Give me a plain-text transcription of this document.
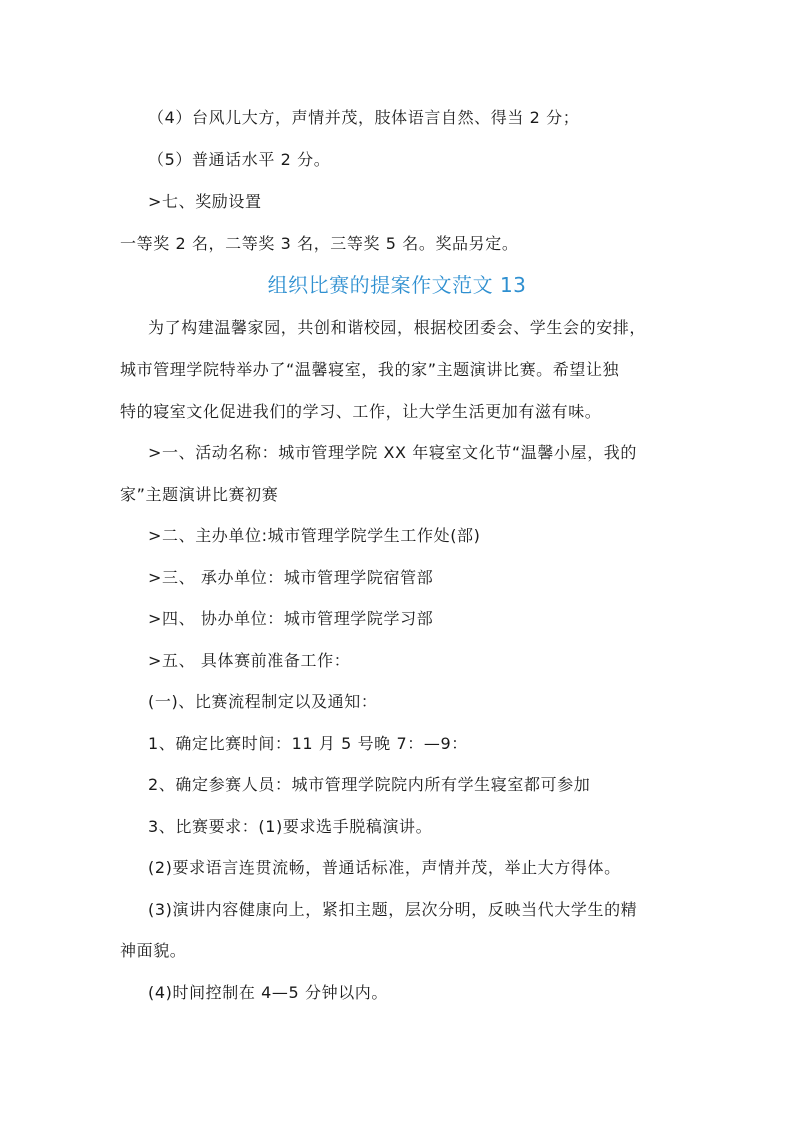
（4）台风儿大方，声情并茂，肢体语言自然、得当 2 分；
（5）普通话水平 2 分。
>七、奖励设置
一等奖 2 名，二等奖 3 名，三等奖 5 名。奖品另定。
组织比赛的提案作文范文 13
为了构建温馨家园，共创和谐校园，根据校团委会、学生会的安排，
城市管理学院特举办了“温馨寝室，我的家”主题演讲比赛。希望让独
特的寝室文化促进我们的学习、工作，让大学生活更加有滋有味。
>一、活动名称：城市管理学院 XX 年寝室文化节“温馨小屋，我的
家”主题演讲比赛初赛
>二、主办单位:城市管理学院学生工作处(部)
>三、 承办单位：城市管理学院宿管部
>四、 协办单位：城市管理学院学习部
>五、 具体赛前准备工作：
(一)、比赛流程制定以及通知：
1、确定比赛时间：11 月 5 号晚 7：—9：
2、确定参赛人员：城市管理学院院内所有学生寝室都可参加
3、比赛要求：(1)要求选手脱稿演讲。
(2)要求语言连贯流畅，普通话标准，声情并茂，举止大方得体。
(3)演讲内容健康向上，紧扣主题，层次分明，反映当代大学生的精
神面貌。
(4)时间控制在 4—5 分钟以内。
